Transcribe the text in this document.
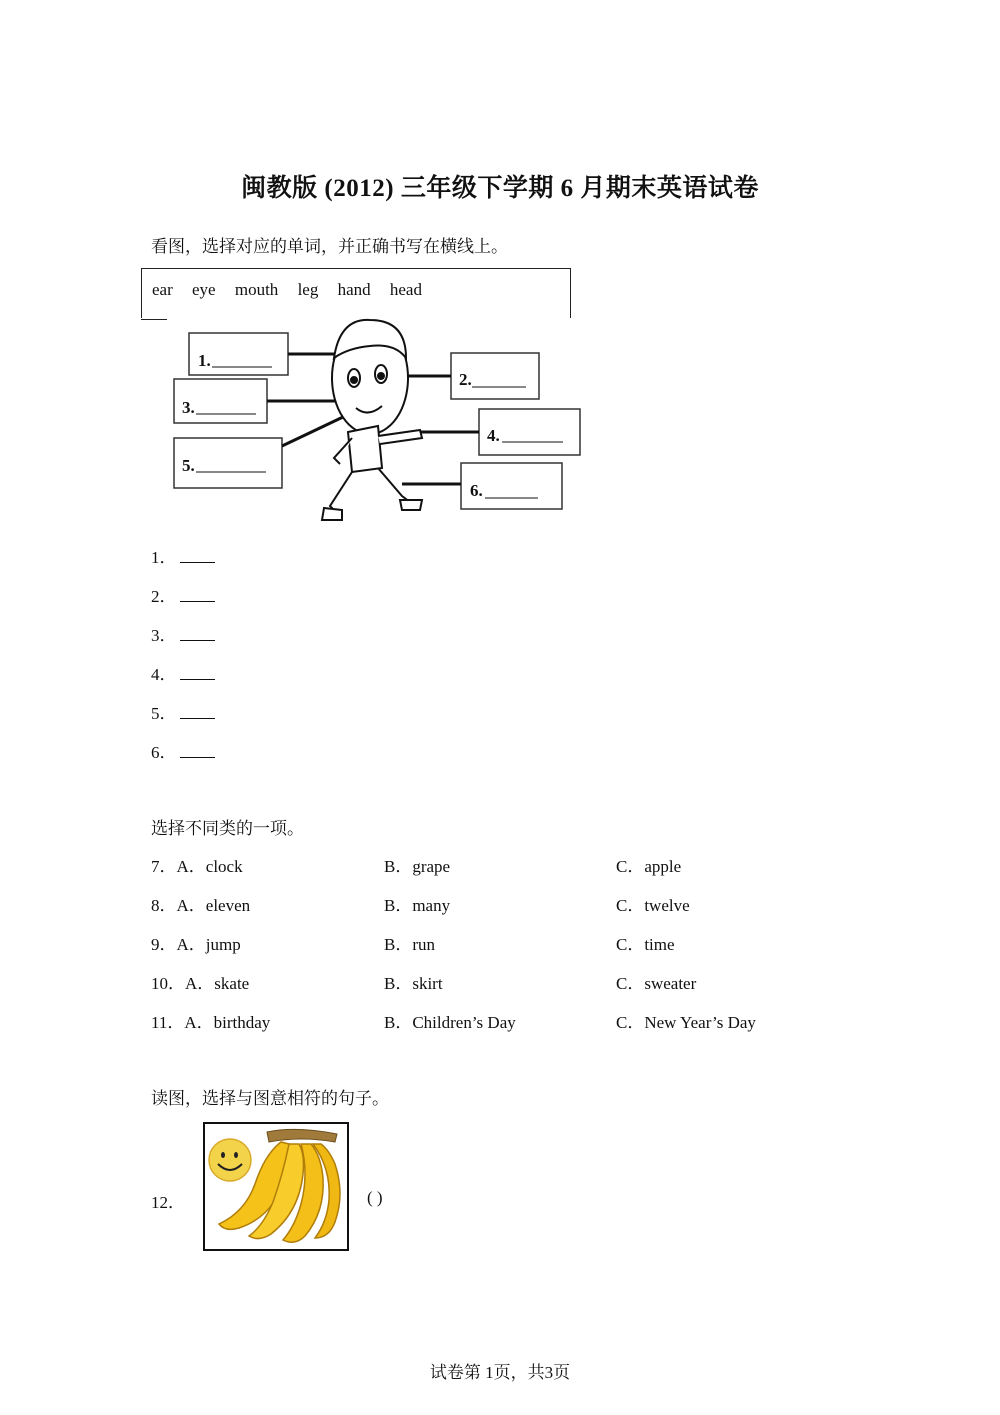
闽教版 (2012) 三年级下学期 6 月期末英语试卷
看图，选择对应的单词，并正确书写在横线上。
ear eye mouth leg hand head
1.
3.
5.
2.
4.
6.
1．
2．
3．
4．
5．
6．
选择不同类的一项。
7．A．clock	B．grape	C．apple
8．A．eleven	B．many	C．twelve
9．A．jump	B．run	C．time
10．A．skate	B．skirt	C．sweater
11．A．birthday	B．Children’s Day	C．New Year’s Day
读图，选择与图意相符的句子。
12．	( )
试卷第 1页，共3页
